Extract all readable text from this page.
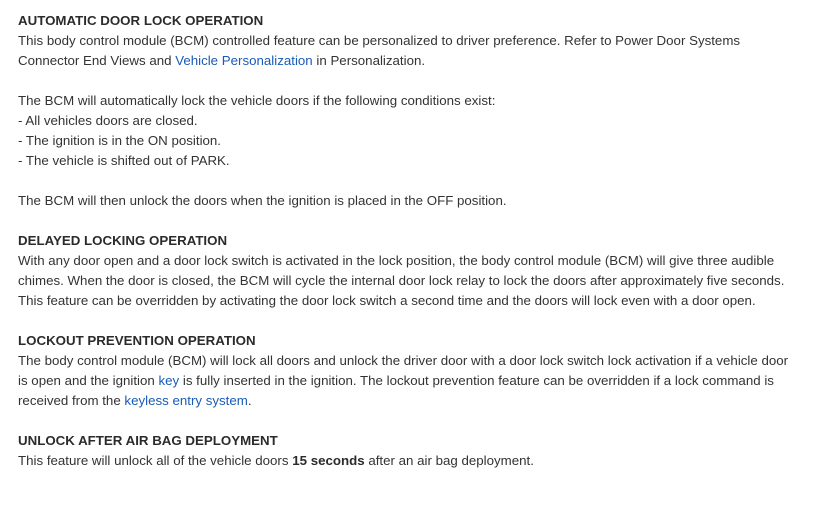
AUTOMATIC DOOR LOCK OPERATION

This body control module (BCM) controlled feature can be personalized to driver preference. Refer to Power Door Systems Connector End Views and Vehicle Personalization in Personalization.

The BCM will automatically lock the vehicle doors if the following conditions exist:

- All vehicles doors are closed.

- The ignition is in the ON position.

- The vehicle is shifted out of PARK.

The BCM will then unlock the doors when the ignition is placed in the OFF position.

DELAYED LOCKING OPERATION

With any door open and a door lock switch is activated in the lock position, the body control module (BCM) will give three audible chimes. When the door is closed, the BCM will cycle the internal door lock relay to lock the doors after approximately five seconds. This feature can be overridden by activating the door lock switch a second time and the doors will lock even with a door open.

LOCKOUT PREVENTION OPERATION

The body control module (BCM) will lock all doors and unlock the driver door with a door lock switch lock activation if a vehicle door is open and the ignition key is fully inserted in the ignition. The lockout prevention feature can be overridden if a lock command is received from the keyless entry system.

UNLOCK AFTER AIR BAG DEPLOYMENT

This feature will unlock all of the vehicle doors 15 seconds after an air bag deployment.
